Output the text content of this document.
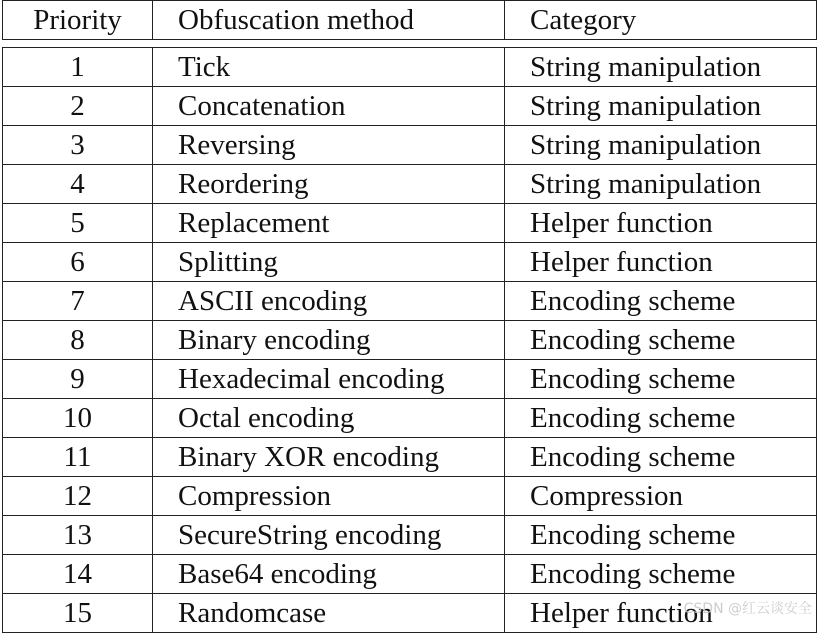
Priority	Obfuscation method	Category

1	Tick	String manipulation
2	Concatenation	String manipulation
3	Reversing	String manipulation
4	Reordering	String manipulation
5	Replacement	Helper function
6	Splitting	Helper function
7	ASCII encoding	Encoding scheme
8	Binary encoding	Encoding scheme
9	Hexadecimal encoding	Encoding scheme
10	Octal encoding	Encoding scheme
11	Binary XOR encoding	Encoding scheme
12	Compression	Compression
13	SecureString encoding	Encoding scheme
14	Base64 encoding	Encoding scheme
15	Randomcase	Helper function
CSDN @红云谈安全
